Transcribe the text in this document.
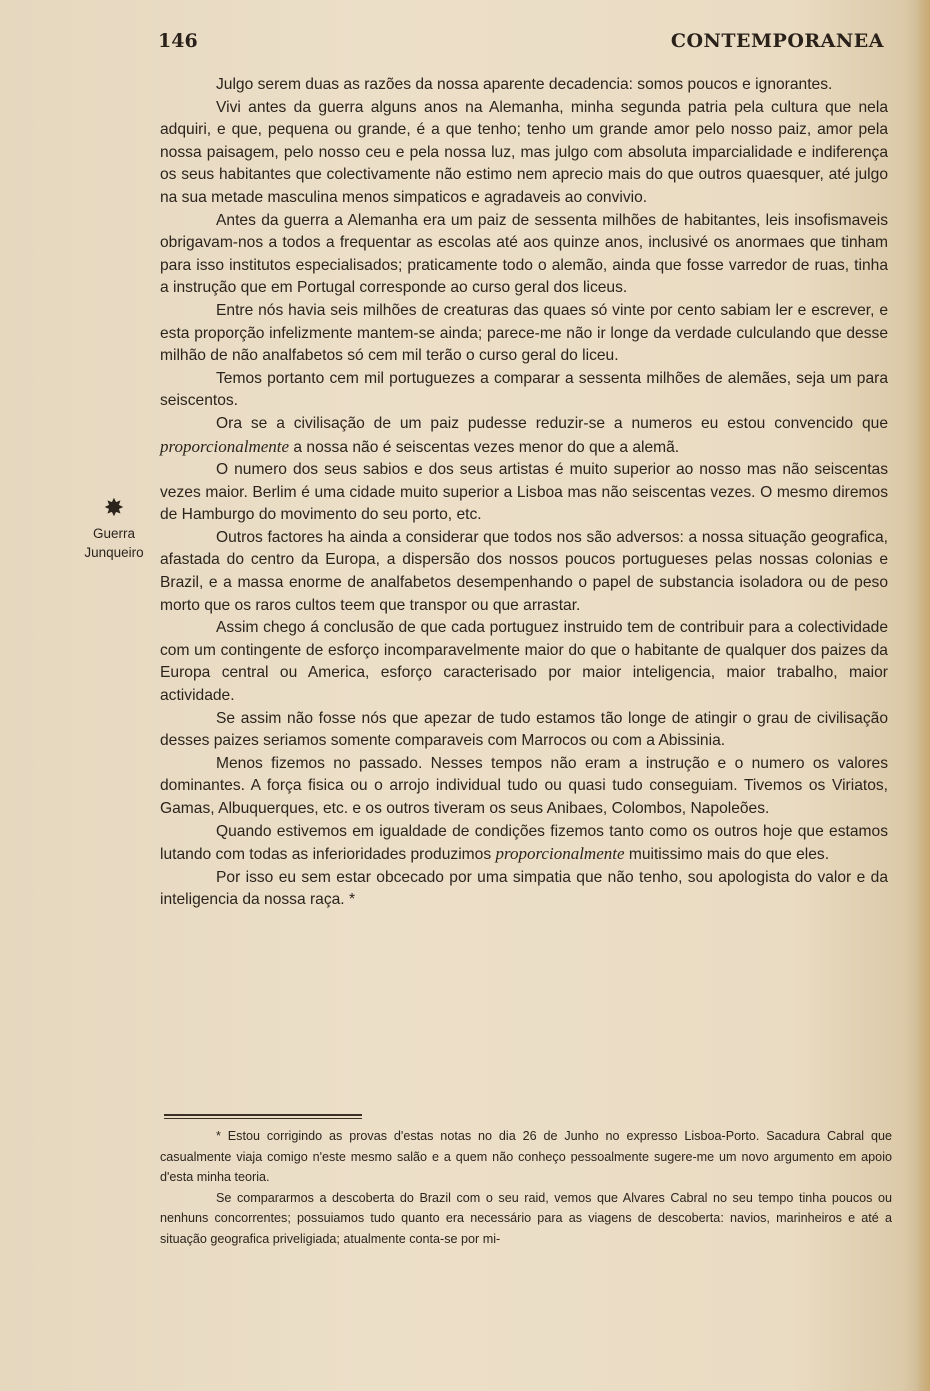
146	CONTEMPORANEA

Julgo serem duas as razões da nossa aparente decadencia: somos poucos e ignorantes.

Vivi antes da guerra alguns anos na Alemanha, minha segunda patria pela cultura que nela adquiri, e que, pequena ou grande, é a que tenho; tenho um grande amor pelo nosso paiz, amor pela nossa paisagem, pelo nosso ceu e pela nossa luz, mas julgo com absoluta imparcialidade e indiferença os seus habitantes que colectivamente não estimo nem aprecio mais do que outros quaesquer, até julgo na sua metade masculina menos simpaticos e agradaveis ao convivio.

Antes da guerra a Alemanha era um paiz de sessenta milhões de habitantes, leis insofismaveis obrigavam-nos a todos a frequentar as escolas até aos quinze anos, inclusivé os anormaes que tinham para isso institutos especialisados; praticamente todo o alemão, ainda que fosse varredor de ruas, tinha a instrução que em Portugal corresponde ao curso geral dos liceus.

Entre nós havia seis milhões de creaturas das quaes só vinte por cento sabiam ler e escrever, e esta proporção infelizmente mantem-se ainda; parece-me não ir longe da verdade culculando que desse milhão de não analfabetos só cem mil terão o curso geral do liceu.

Temos portanto cem mil portuguezes a comparar a sessenta milhões de alemães, seja um para seiscentos.

Ora se a civilisação de um paiz pudesse reduzir-se a numeros eu estou convencido que proporcionalmente a nossa não é seiscentas vezes menor do que a alemã.

O numero dos seus sabios e dos seus artistas é muito superior ao nosso mas não seiscentas vezes maior. Berlim é uma cidade muito superior a Lisboa mas não seiscentas vezes. O mesmo diremos de Hamburgo do movimento do seu porto, etc.

Outros factores ha ainda a considerar que todos nos são adversos: a nossa situação geografica, afastada do centro da Europa, a dispersão dos nossos poucos portugueses pelas nossas colonias e Brazil, e a massa enorme de analfabetos desempenhando o papel de substancia isoladora ou de peso morto que os raros cultos teem que transpor ou que arrastar.

Assim chego á conclusão de que cada portuguez instruido tem de contribuir para a colectividade com um contingente de esforço incomparavelmente maior do que o habitante de qualquer dos paizes da Europa central ou America, esforço caracterisado por maior inteligencia, maior trabalho, maior actividade.

Se assim não fosse nós que apezar de tudo estamos tão longe de atingir o grau de civilisação desses paizes seriamos somente comparaveis com Marrocos ou com a Abissinia.

Menos fizemos no passado. Nesses tempos não eram a instrução e o numero os valores dominantes. A força fisica ou o arrojo individual tudo ou quasi tudo conseguiam. Tivemos os Viriatos, Gamas, Albuquerques, etc. e os outros tiveram os seus Anibaes, Colombos, Napoleões.

Quando estivemos em igualdade de condições fizemos tanto como os outros hoje que estamos lutando com todas as inferioridades produzimos proporcionalmente muitissimo mais do que eles.

Por isso eu sem estar obcecado por uma simpatia que não tenho, sou apologista do valor e da inteligencia da nossa raça. *

✸
Guerra
Junqueiro

* Estou corrigindo as provas d'estas notas no dia 26 de Junho no expresso Lisboa-Porto. Sacadura Cabral que casualmente viaja comigo n'este mesmo salão e a quem não conheço pessoalmente sugere-me um novo argumento em apoio d'esta minha teoria.

Se compararmos a descoberta do Brazil com o seu raid, vemos que Alvares Cabral no seu tempo tinha poucos ou nenhuns concorrentes; possuiamos tudo quanto era necessário para as viagens de descoberta: navios, marinheiros e até a situação geografica priveligiada; atualmente conta-se por mi-
